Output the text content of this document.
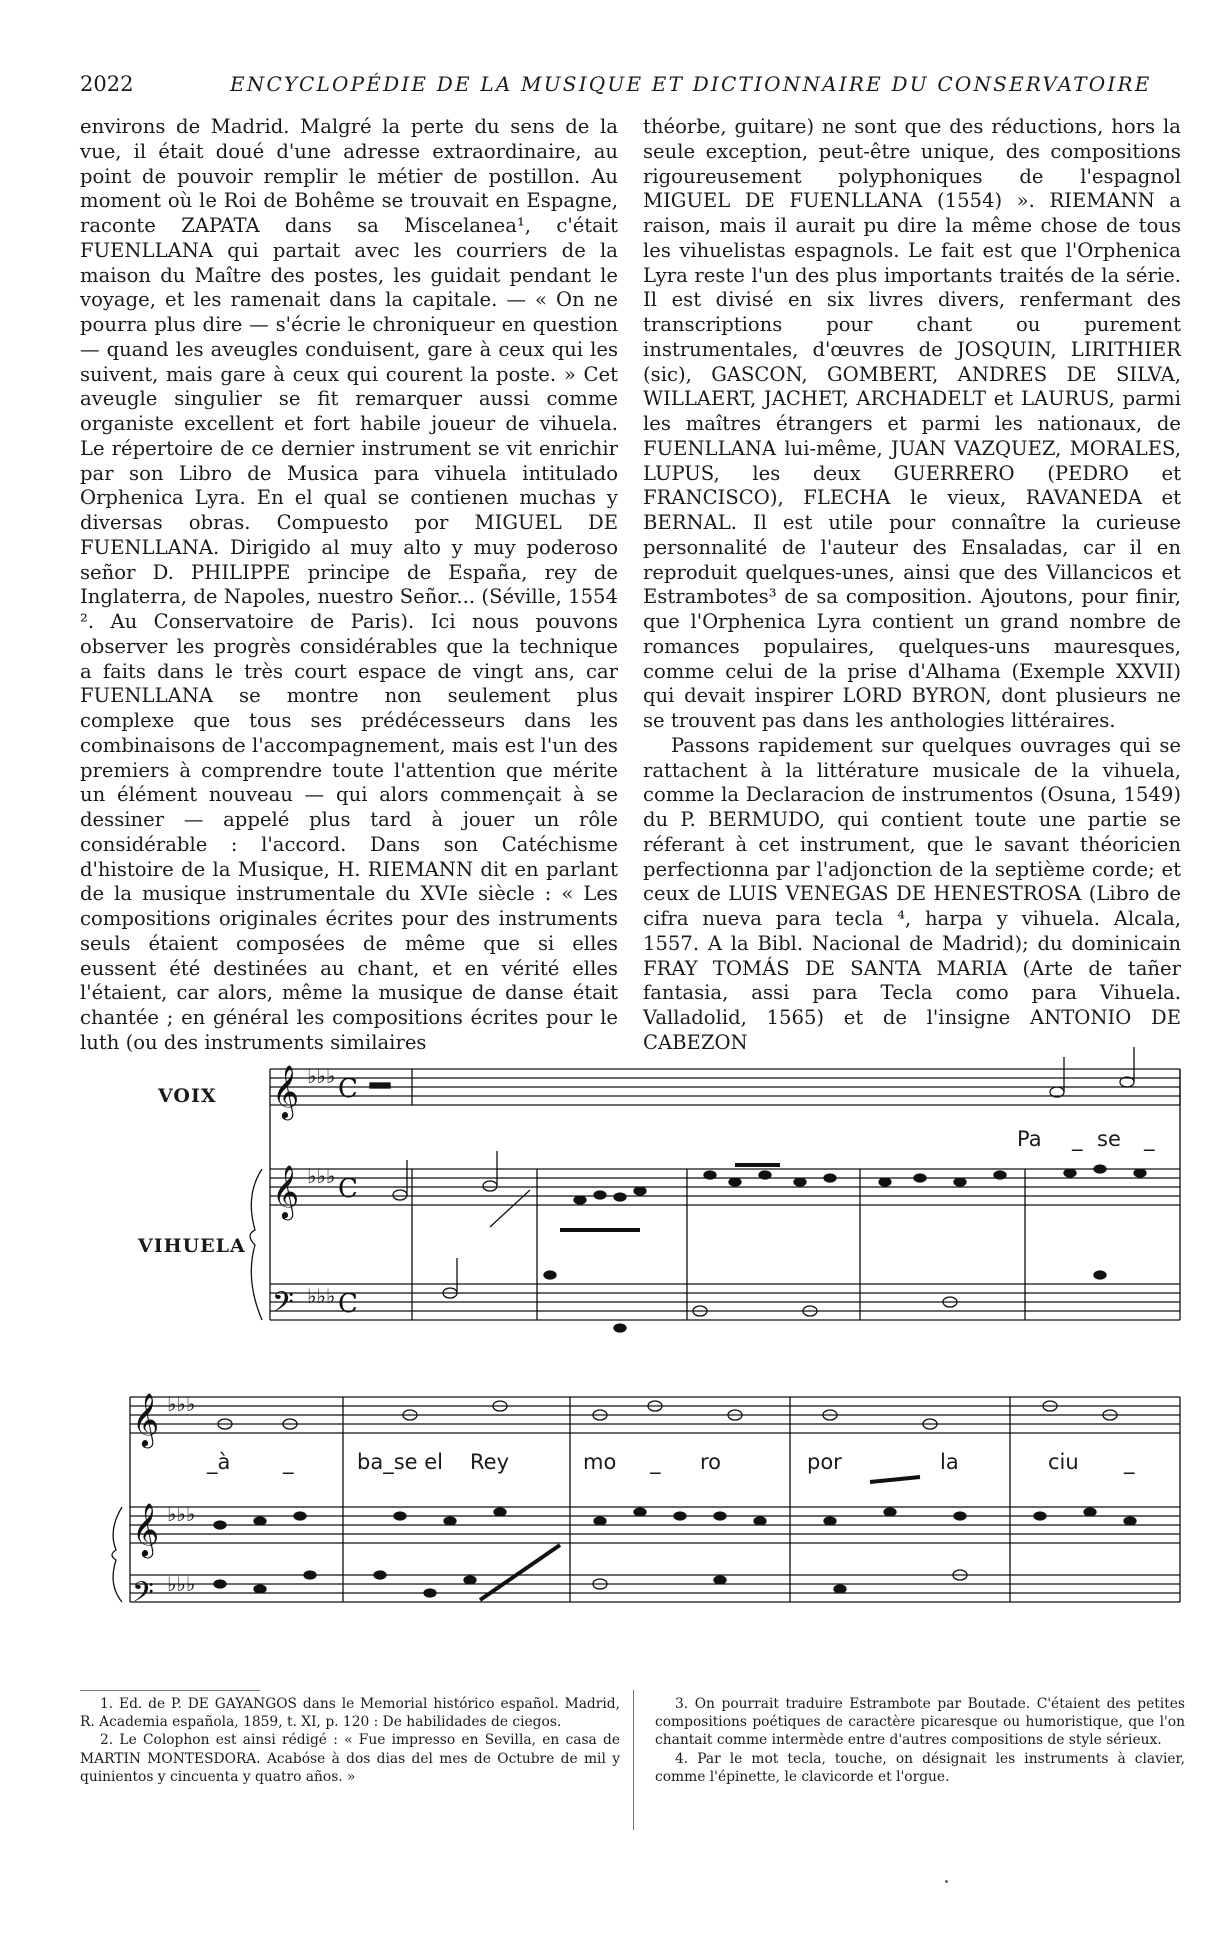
2022	ENCYCLOPÉDIE DE LA MUSIQUE ET DICTIONNAIRE DU CONSERVATOIRE

environs de Madrid. Malgré la perte du sens de la vue, il était doué d'une adresse extraordinaire, au point de pouvoir remplir le métier de postillon. Au moment où le Roi de Bohême se trouvait en Espagne, raconte ZAPATA dans sa Miscelanea¹, c'était FUENLLANA qui partait avec les courriers de la maison du Maître des postes, les guidait pendant le voyage, et les ramenait dans la capitale. — « On ne pourra plus dire — s'écrie le chroniqueur en question — quand les aveugles conduisent, gare à ceux qui les suivent, mais gare à ceux qui courent la poste. » Cet aveugle singulier se fit remarquer aussi comme organiste excellent et fort habile joueur de vihuela. Le répertoire de ce dernier instrument se vit enrichir par son Libro de Musica para vihuela intitulado Orphenica Lyra. En el qual se contienen muchas y diversas obras. Compuesto por MIGUEL DE FUENLLANA. Dirigido al muy alto y muy poderoso señor D. PHILIPPE principe de España, rey de Inglaterra, de Napoles, nuestro Señor... (Séville, 1554 ². Au Conservatoire de Paris). Ici nous pouvons observer les progrès considérables que la technique a faits dans le très court espace de vingt ans, car FUENLLANA se montre non seulement plus complexe que tous ses prédécesseurs dans les combinaisons de l'accompagnement, mais est l'un des premiers à comprendre toute l'attention que mérite un élément nouveau — qui alors commençait à se dessiner — appelé plus tard à jouer un rôle considérable : l'accord. Dans son Catéchisme d'histoire de la Musique, H. RIEMANN dit en parlant de la musique instrumentale du XVIe siècle : « Les compositions originales écrites pour des instruments seuls étaient composées de même que si elles eussent été destinées au chant, et en vérité elles l'étaient, car alors, même la musique de danse était chantée ; en général les compositions écrites pour le luth (ou des instruments similaires

théorbe, guitare) ne sont que des réductions, hors la seule exception, peut-être unique, des compositions rigoureusement polyphoniques de l'espagnol MIGUEL DE FUENLLANA (1554) ». RIEMANN a raison, mais il aurait pu dire la même chose de tous les vihuelistas espagnols. Le fait est que l'Orphenica Lyra reste l'un des plus importants traités de la série. Il est divisé en six livres divers, renfermant des transcriptions pour chant ou purement instrumentales, d'œuvres de JOSQUIN, LIRITHIER (sic), GASCON, GOMBERT, ANDRES DE SILVA, WILLAERT, JACHET, ARCHADELT et LAURUS, parmi les maîtres étrangers et parmi les nationaux, de FUENLLANA lui-même, JUAN VAZQUEZ, MORALES, LUPUS, les deux GUERRERO (PEDRO et FRANCISCO), FLECHA le vieux, RAVANEDA et BERNAL. Il est utile pour connaître la curieuse personnalité de l'auteur des Ensaladas, car il en reproduit quelques-unes, ainsi que des Villancicos et Estrambotes³ de sa composition. Ajoutons, pour finir, que l'Orphenica Lyra contient un grand nombre de romances populaires, quelques-uns mauresques, comme celui de la prise d'Alhama (Exemple XXVII) qui devait inspirer LORD BYRON, dont plusieurs ne se trouvent pas dans les anthologies littéraires.

Passons rapidement sur quelques ouvrages qui se rattachent à la littérature musicale de la vihuela, comme la Declaracion de instrumentos (Osuna, 1549) du P. BERMUDO, qui contient toute une partie se réferant à cet instrument, que le savant théoricien perfectionna par l'adjonction de la septième corde; et ceux de LUIS VENEGAS DE HENESTROSA (Libro de cifra nueva para tecla ⁴, harpa y vihuela. Alcala, 1557. A la Bibl. Nacional de Madrid); du dominicain FRAY TOMÁS DE SANTA MARIA (Arte de tañer fantasia, assi para Tecla como para Vihuela. Valladolid, 1565) et de l'insigne ANTONIO DE CABEZON

VOIX
VIHUELA
𝄞
𝄞
𝄢
𝄞
𝄞
𝄢
♭♭♭
♭♭♭
♭♭♭
♭♭♭
♭♭♭
♭♭♭
C
C
C
Pa _ se _
_à	_	ba_se el Rey	mo _ ro	por	la	ciu _

1. Ed. de P. DE GAYANGOS dans le Memorial histórico español. Madrid, R. Academia española, 1859, t. XI, p. 120 : De habilidades de ciegos.

2. Le Colophon est ainsi rédigé : « Fue impresso en Sevilla, en casa de MARTIN MONTESDORA. Acabóse à dos dias del mes de Octubre de mil y quinientos y cincuenta y quatro años. »

3. On pourrait traduire Estrambote par Boutade. C'étaient des petites compositions poétiques de caractère picaresque ou humoristique, que l'on chantait comme intermède entre d'autres compositions de style sérieux.

4. Par le mot tecla, touche, on désignait les instruments à clavier, comme l'épinette, le clavicorde et l'orgue.
